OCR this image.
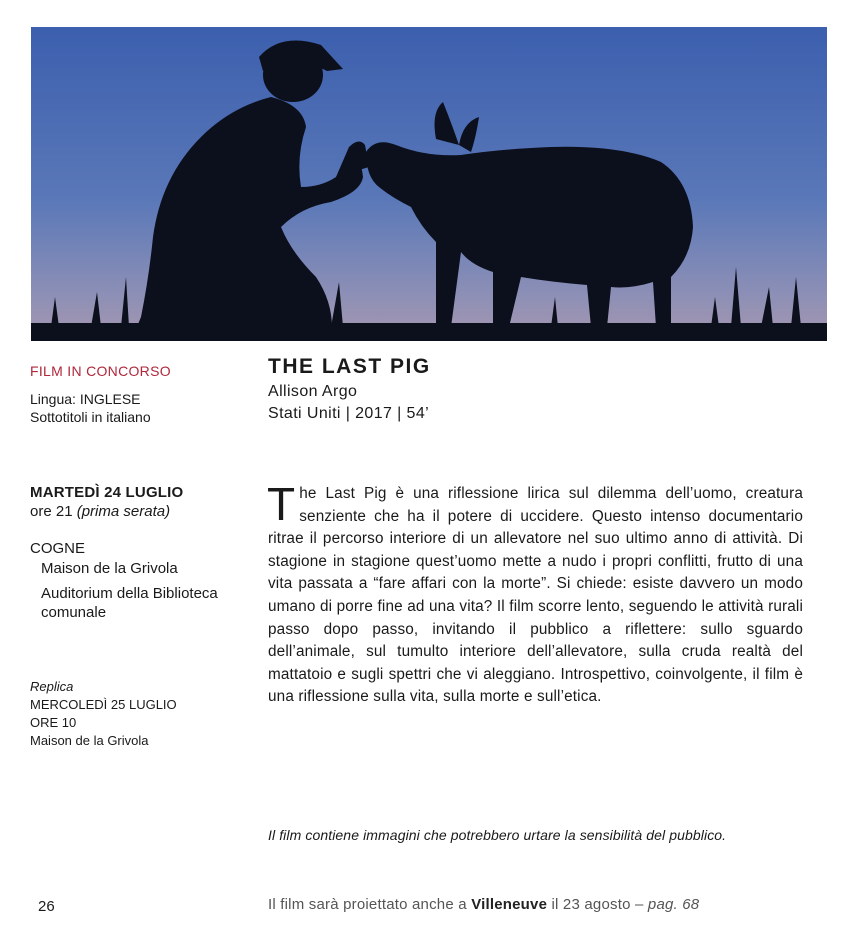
FILM IN CONCORSO
Lingua: INGLESE
Sottotitoli in italiano
MARTEDÌ 24 LUGLIO
ore 21 (prima serata)
COGNE
Maison de la Grivola
Auditorium della Biblioteca comunale
Replica
MERCOLEDÌ 25 LUGLIO
ORE 10
Maison de la Grivola
THE LAST PIG
Allison Argo
Stati Uniti | 2017 | 54’

The Last Pig è una riflessione lirica sul dilemma dell’uomo, creatura senziente che ha il potere di uccidere. Questo intenso documentario ritrae il percorso interiore di un allevatore nel suo ultimo anno di attività. Di stagione in stagione quest’uomo mette a nudo i propri conflitti, frutto di una vita passata a “fare affari con la morte”. Si chiede: esiste davvero un modo umano di porre fine ad una vita? Il film scorre lento, seguendo le attività rurali passo dopo passo, invitando il pubblico a riflettere: sullo sguardo dell’animale, sul tumulto interiore dell’allevatore, sulla cruda realtà del mattatoio e sugli spettri che vi aleggiano. Introspettivo, coinvolgente, il film è una riflessione sulla vita, sulla morte e sull’etica.

Il film contiene immagini che potrebbero urtare la sensibilità del pubblico.
26	Il film sarà proiettato anche a Villeneuve il 23 agosto – pag. 68
